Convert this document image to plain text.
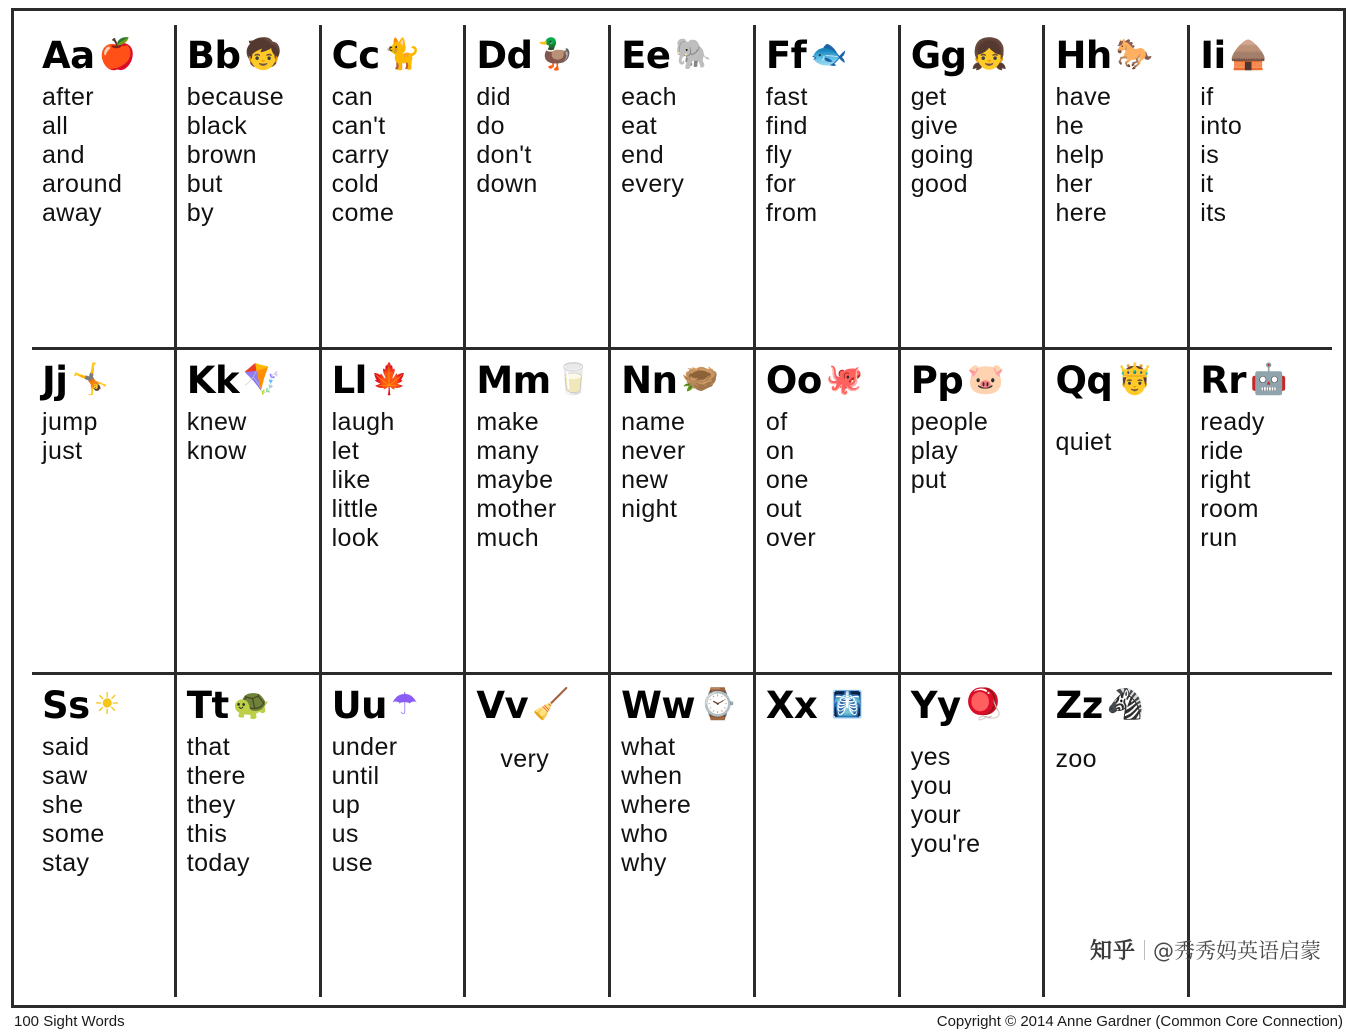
Aa 🍎
after
all
and
around
away
Bb 🧒
because
black
brown
but
by
Cc 🐈
can
can't
carry
cold
come
Dd 🦆
did
do
don't
down
Ee 🐘
each
eat
end
every
Ff 🐟
fast
find
fly
for
from
Gg 👧
get
give
going
good
Hh 🐎
have
he
help
her
here
Ii 🛖
if
into
is
it
its
Jj 🤸
jump
just
Kk 🪁
knew
know
Ll 🍁
laugh
let
like
little
look
Mm 🥛
make
many
maybe
mother
much
Nn 🪹
name
never
new
night
Oo 🐙
of
on
one
out
over
Pp 🐷
people
play
put
Qq 🤴
quiet
Rr 🤖
ready
ride
right
room
run
Ss ☀
said
saw
she
some
stay
Tt 🐢
that
there
they
this
today
Uu ☂
under
until
up
us
use
Vv 🧹
very
Ww ⌚
what
when
where
who
why
Xx 🩻 Yy 🪀
yes
you
your
you're
Zz 🦓
zoo
知乎 @秀秀妈英语启蒙
100 Sight Words	Copyright © 2014 Anne Gardner (Common Core Connection)
